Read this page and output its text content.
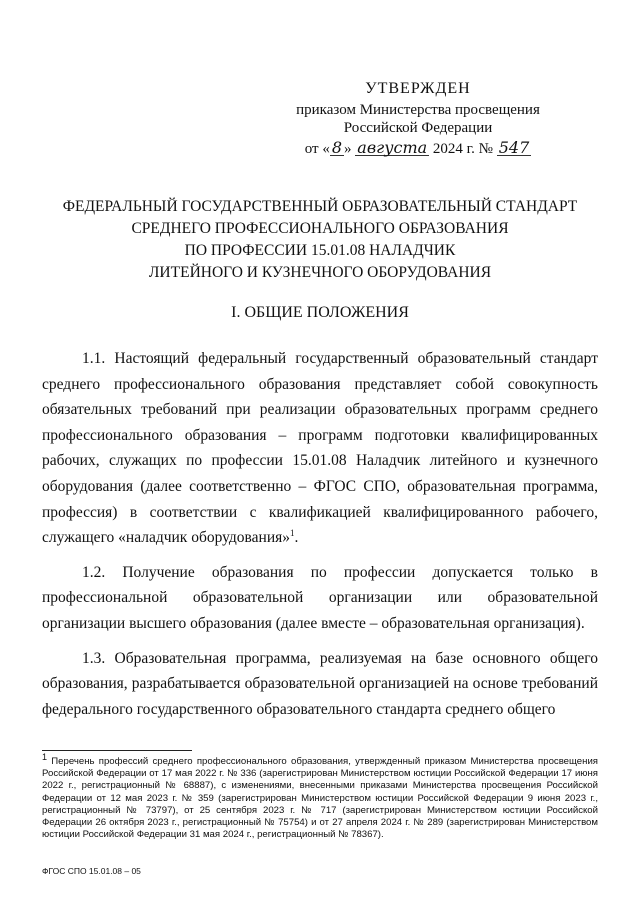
УТВЕРЖДЕН
приказом Министерства просвещения
Российской Федерации
от « 8 » августа 2024 г. № 547
ФЕДЕРАЛЬНЫЙ ГОСУДАРСТВЕННЫЙ ОБРАЗОВАТЕЛЬНЫЙ СТАНДАРТ
СРЕДНЕГО ПРОФЕССИОНАЛЬНОГО ОБРАЗОВАНИЯ
ПО ПРОФЕССИИ 15.01.08 НАЛАДЧИК
ЛИТЕЙНОГО И КУЗНЕЧНОГО ОБОРУДОВАНИЯ
I. ОБЩИЕ ПОЛОЖЕНИЯ

1.1. Настоящий федеральный государственный образовательный стандарт среднего профессионального образования представляет собой совокупность обязательных требований при реализации образовательных программ среднего профессионального образования – программ подготовки квалифицированных рабочих, служащих по профессии 15.01.08 Наладчик литейного и кузнечного оборудования (далее соответственно – ФГОС СПО, образовательная программа, профессия) в соответствии с квалификацией квалифицированного рабочего, служащего «наладчик оборудования»$^1$.

1.2. Получение образования по профессии допускается только в профессиональной образовательной организации или образовательной организации высшего образования (далее вместе – образовательная организация).

1.3. Образовательная программа, реализуемая на базе основного общего образования, разрабатывается образовательной организацией на основе требований федерального государственного образовательного стандарта среднего общего

$^1$ Перечень профессий среднего профессионального образования, утвержденный приказом Министерства просвещения Российской Федерации от 17 мая 2022 г. № 336 (зарегистрирован Министерством юстиции Российской Федерации 17 июня 2022 г., регистрационный № 68887), с изменениями, внесенными приказами Министерства просвещения Российской Федерации от 12 мая 2023 г. № 359 (зарегистрирован Министерством юстиции Российской Федерации 9 июня 2023 г., регистрационный № 73797), от 25 сентября 2023 г. № 717 (зарегистрирован Министерством юстиции Российской Федерации 26 октября 2023 г., регистрационный № 75754) и от 27 апреля 2024 г. № 289 (зарегистрирован Министерством юстиции Российской Федерации 31 мая 2024 г., регистрационный № 78367).
ФГОС СПО 15.01.08 – 05
